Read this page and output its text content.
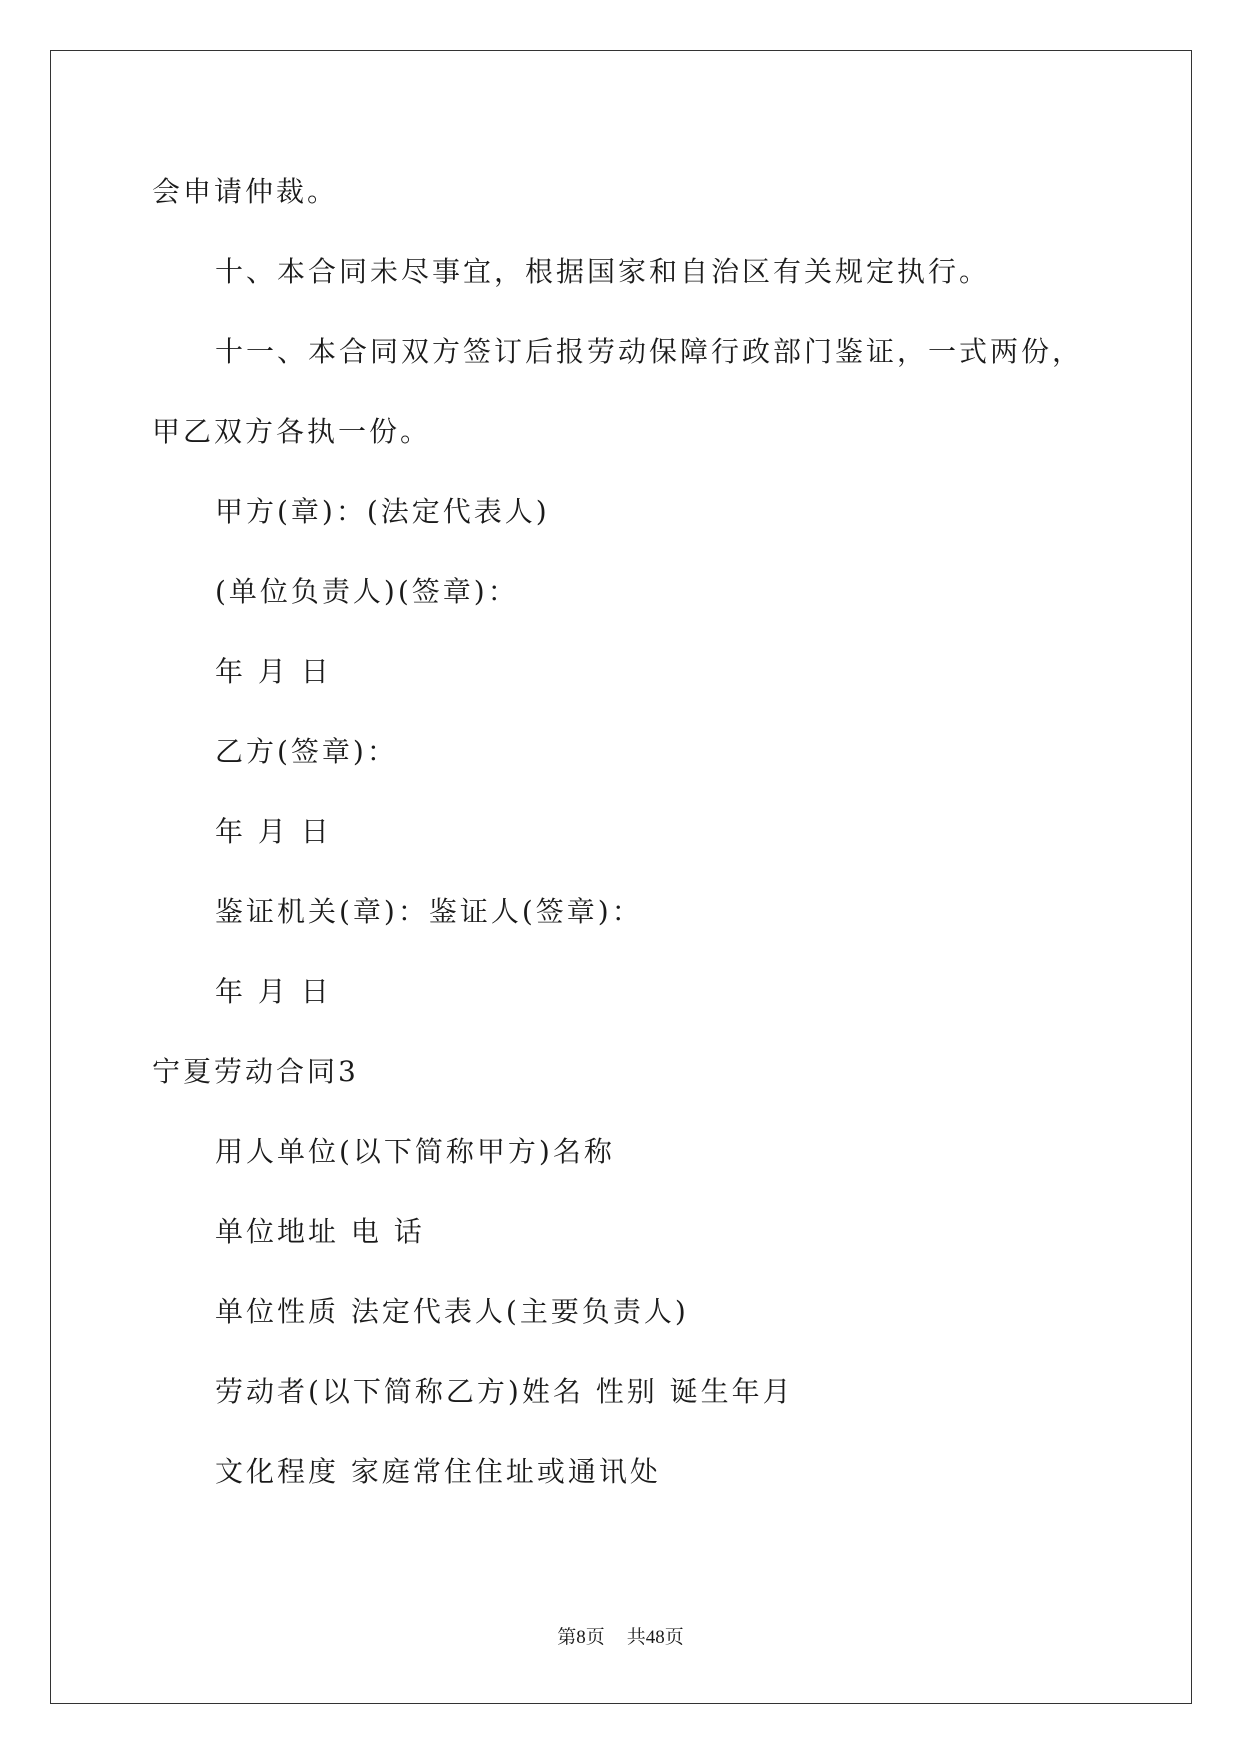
会申请仲裁。
十、本合同未尽事宜，根据国家和自治区有关规定执行。
十一、本合同双方签订后报劳动保障行政部门鉴证，一式两份，
甲乙双方各执一份。
甲方(章)：(法定代表人)
(单位负责人)(签章)：
年 月 日
乙方(签章)：
年 月 日
鉴证机关(章)：鉴证人(签章)：
年 月 日
宁夏劳动合同3
用人单位(以下简称甲方)名称
单位地址 电 话
单位性质 法定代表人(主要负责人)
劳动者(以下简称乙方)姓名 性别 诞生年月
文化程度 家庭常住住址或通讯处
第8页 共48页
